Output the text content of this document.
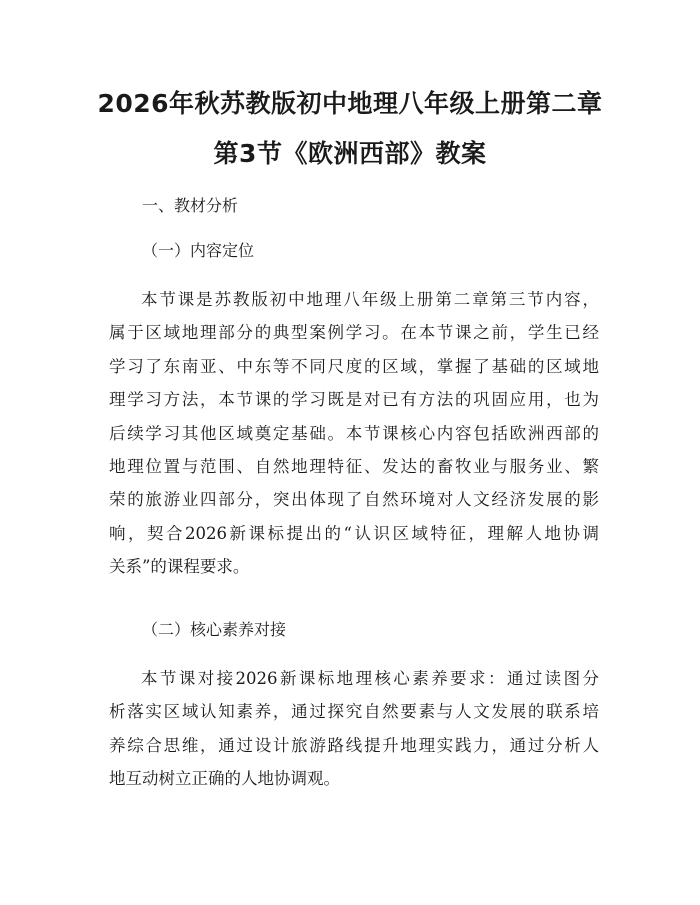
2026年秋苏教版初中地理八年级上册第二章
第3节《欧洲西部》教案
一、教材分析
（一）内容定位
本节课是苏教版初中地理八年级上册第二章第三节内容，
属于区域地理部分的典型案例学习。在本节课之前，学生已经
学习了东南亚、中东等不同尺度的区域，掌握了基础的区域地
理学习方法，本节课的学习既是对已有方法的巩固应用，也为
后续学习其他区域奠定基础。本节课核心内容包括欧洲西部的
地理位置与范围、自然地理特征、发达的畜牧业与服务业、繁
荣的旅游业四部分，突出体现了自然环境对人文经济发展的影
响，契合2026新课标提出的“认识区域特征，理解人地协调
关系”的课程要求。
（二）核心素养对接
本节课对接2026新课标地理核心素养要求：通过读图分
析落实区域认知素养，通过探究自然要素与人文发展的联系培
养综合思维，通过设计旅游路线提升地理实践力，通过分析人
地互动树立正确的人地协调观。
